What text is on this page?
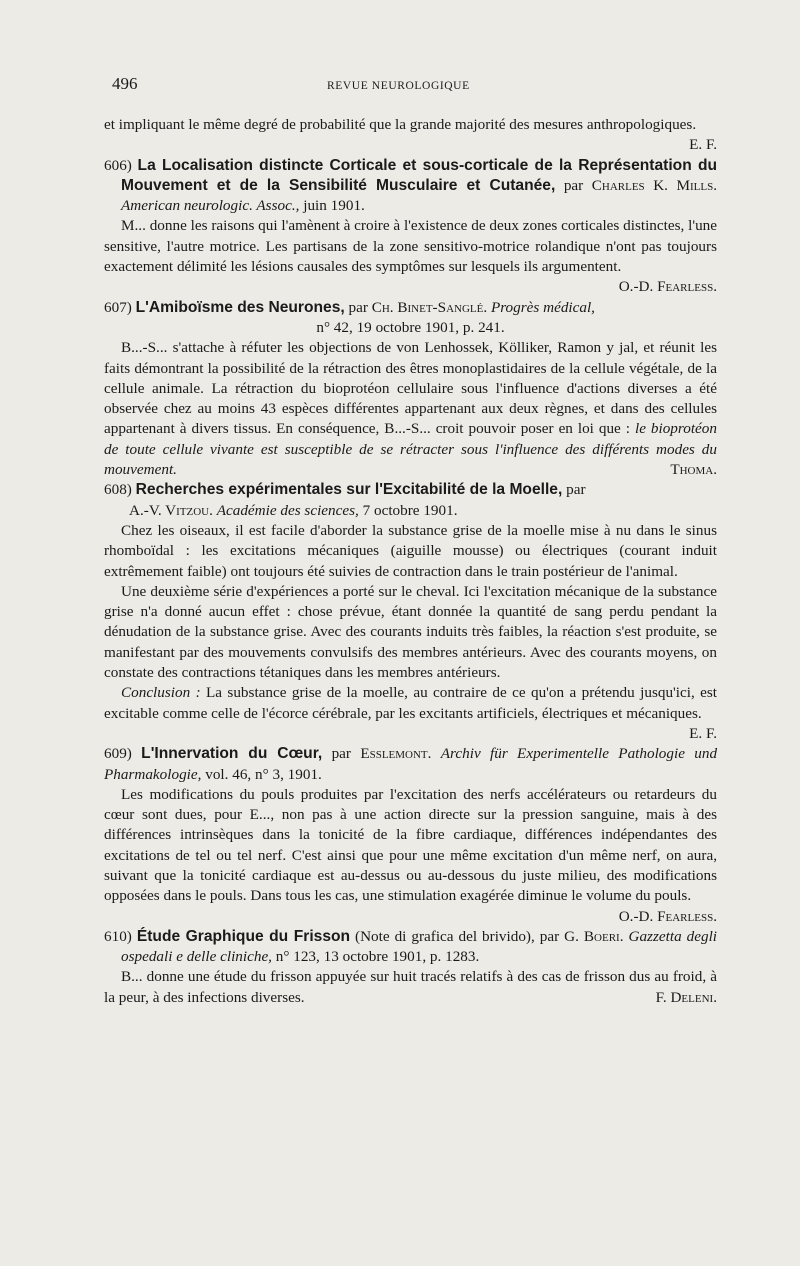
496	REVUE NEUROLOGIQUE

et impliquant le même degré de probabilité que la grande majorité des mesures anthropologiques.
E. F.

606) La Localisation distincte Corticale et sous-corticale de la Représentation du Mouvement et de la Sensibilité Musculaire et Cutanée, par Charles K. Mills. American neurologic. Assoc., juin 1901.

M... donne les raisons qui l'amènent à croire à l'existence de deux zones corticales distinctes, l'une sensitive, l'autre motrice. Les partisans de la zone sensitivo-motrice rolandique n'ont pas toujours exactement délimité les lésions causales des symptômes sur lesquels ils argumentent.
O.-D. Fearless.

607) L'Amiboïsme des Neurones, par Ch. Binet-Sanglé. Progrès médical,
n° 42, 19 octobre 1901, p. 241.

B...-S... s'attache à réfuter les objections de von Lenhossek, Kölliker, Ramon y jal, et réunit les faits démontrant la possibilité de la rétraction des êtres monoplastidaires de la cellule végétale, de la cellule animale. La rétraction du bioprotéon cellulaire sous l'influence d'actions diverses a été observée chez au moins 43 espèces différentes appartenant aux deux règnes, et dans des cellules appartenant à divers tissus. En conséquence, B...-S... croit pouvoir poser en loi que : le bioprotéon de toute cellule vivante est susceptible de se rétracter sous l'influence des différents modes du mouvement.	Thoma.

608) Recherches expérimentales sur l'Excitabilité de la Moelle, par
A.-V. Vitzou. Académie des sciences, 7 octobre 1901.

Chez les oiseaux, il est facile d'aborder la substance grise de la moelle mise à nu dans le sinus rhomboïdal : les excitations mécaniques (aiguille mousse) ou électriques (courant induit extrêmement faible) ont toujours été suivies de contraction dans le train postérieur de l'animal.

Une deuxième série d'expériences a porté sur le cheval. Ici l'excitation mécanique de la substance grise n'a donné aucun effet : chose prévue, étant donnée la quantité de sang perdu pendant la dénudation de la substance grise. Avec des courants induits très faibles, la réaction s'est produite, se manifestant par des mouvements convulsifs des membres antérieurs. Avec des courants moyens, on constate des contractions tétaniques dans les membres antérieurs.

Conclusion : La substance grise de la moelle, au contraire de ce qu'on a prétendu jusqu'ici, est excitable comme celle de l'écorce cérébrale, par les excitants artificiels, électriques et mécaniques.
E. F.

609) L'Innervation du Cœur, par Esslemont. Archiv für Experimentelle Pathologie und Pharmakologie, vol. 46, n° 3, 1901.

Les modifications du pouls produites par l'excitation des nerfs accélérateurs ou retardeurs du cœur sont dues, pour E..., non pas à une action directe sur la pression sanguine, mais à des différences intrinsèques dans la tonicité de la fibre cardiaque, différences indépendantes des excitations de tel ou tel nerf. C'est ainsi que pour une même excitation d'un même nerf, on aura, suivant que la tonicité cardiaque est au-dessus ou au-dessous du juste milieu, des modifications opposées dans le pouls. Dans tous les cas, une stimulation exagérée diminue le volume du pouls.
O.-D. Fearless.

610) Étude Graphique du Frisson (Note di grafica del brivido), par G. Boeri. Gazzetta degli ospedali e delle cliniche, n° 123, 13 octobre 1901, p. 1283.

B... donne une étude du frisson appuyée sur huit tracés relatifs à des cas de frisson dus au froid, à la peur, à des infections diverses.	F. Deleni.
